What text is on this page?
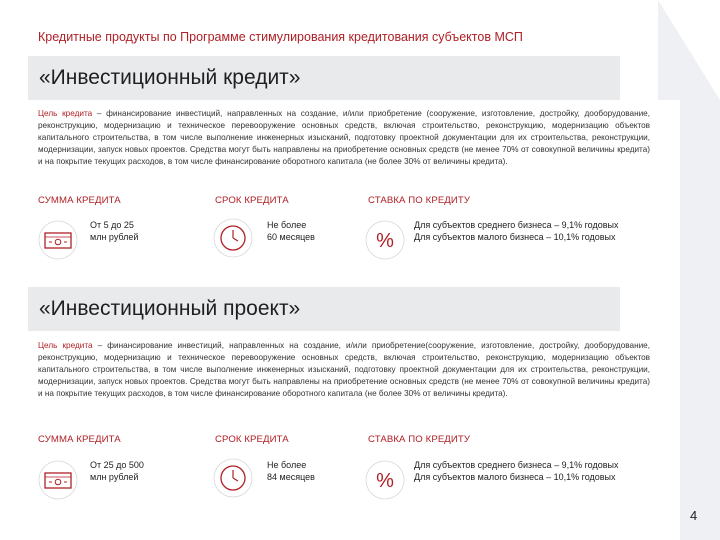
Кредитные продукты по Программе стимулирования кредитования субъектов МСП
«Инвестиционный кредит»
Цель кредита – финансирование инвестиций, направленных на создание, и/или приобретение (сооружение, изготовление, достройку, дооборудование, реконструкцию, модернизацию и техническое перевооружение основных средств, включая строительство, реконструкцию, модернизацию объектов капитального строительства, в том числе выполнение инженерных изысканий, подготовку проектной документации для их строительства, реконструкции, модернизации, запуск новых проектов. Средства могут быть направлены на приобретение основных средств (не менее 70% от совокупной величины кредита) и на покрытие текущих расходов, в том числе финансирование оборотного капитала (не более 30% от величины кредита).
СУММА КРЕДИТА	СРОК КРЕДИТА	СТАВКА ПО КРЕДИТУ
%
От 5 до 25
млн рублей
Не более
60 месяцев
Для субъектов среднего бизнеса – 9,1% годовых
Для субъектов малого бизнеса – 10,1% годовых
«Инвестиционный проект»
Цель кредита – финансирование инвестиций, направленных на создание, и/или приобретение(сооружение, изготовление, достройку, дооборудование, реконструкцию, модернизацию и техническое перевооружение основных средств, включая строительство, реконструкцию, модернизацию объектов капитального строительства, в том числе выполнение инженерных изысканий, подготовку проектной документации для их строительства, реконструкции, модернизации, запуск новых проектов. Средства могут быть направлены на приобретение основных средств (не менее 70% от совокупной величины кредита) и на покрытие текущих расходов, в том числе финансирование оборотного капитала (не более 30% от величины кредита).
СУММА КРЕДИТА	СРОК КРЕДИТА	СТАВКА ПО КРЕДИТУ
%
От 25 до 500
млн рублей
Не более
84 месяцев
Для субъектов среднего бизнеса – 9,1% годовых
Для субъектов малого бизнеса – 10,1% годовых
4
